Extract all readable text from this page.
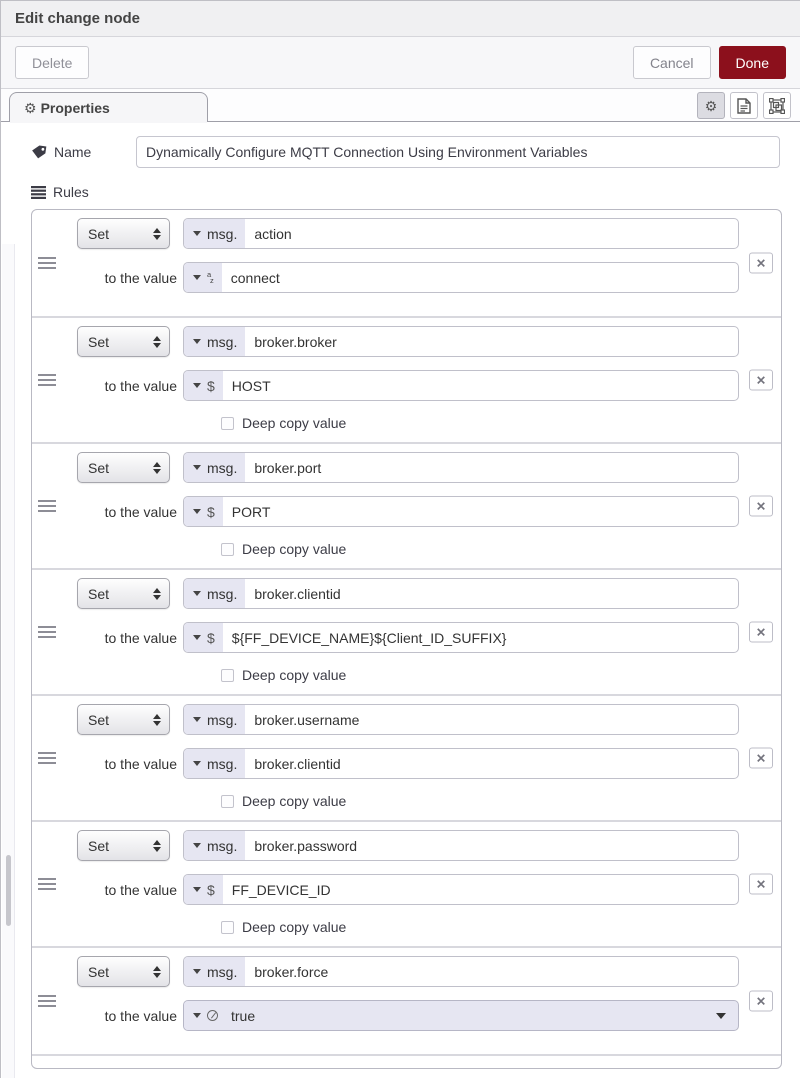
Edit change node
Delete	Cancel	Done
⚙ Properties	⚙
Name
Dynamically Configure MQTT Connection Using Environment Variables
Rules
✕
Set	msg.	action
to the value	a
z	connect
✕
Set	msg.	broker.broker
to the value $	HOST
Deep copy value
✕
Set	msg.	broker.port
to the value $	PORT
Deep copy value
✕
Set	msg.	broker.clientid
to the value $	${FF_DEVICE_NAME}${Client_ID_SUFFIX}
Deep copy value
✕
Set	msg.	broker.username
to the value msg.	broker.clientid
Deep copy value
✕
Set	msg.	broker.password
to the value $	FF_DEVICE_ID
Deep copy value
✕
Set	msg.	broker.force
to the value	true
